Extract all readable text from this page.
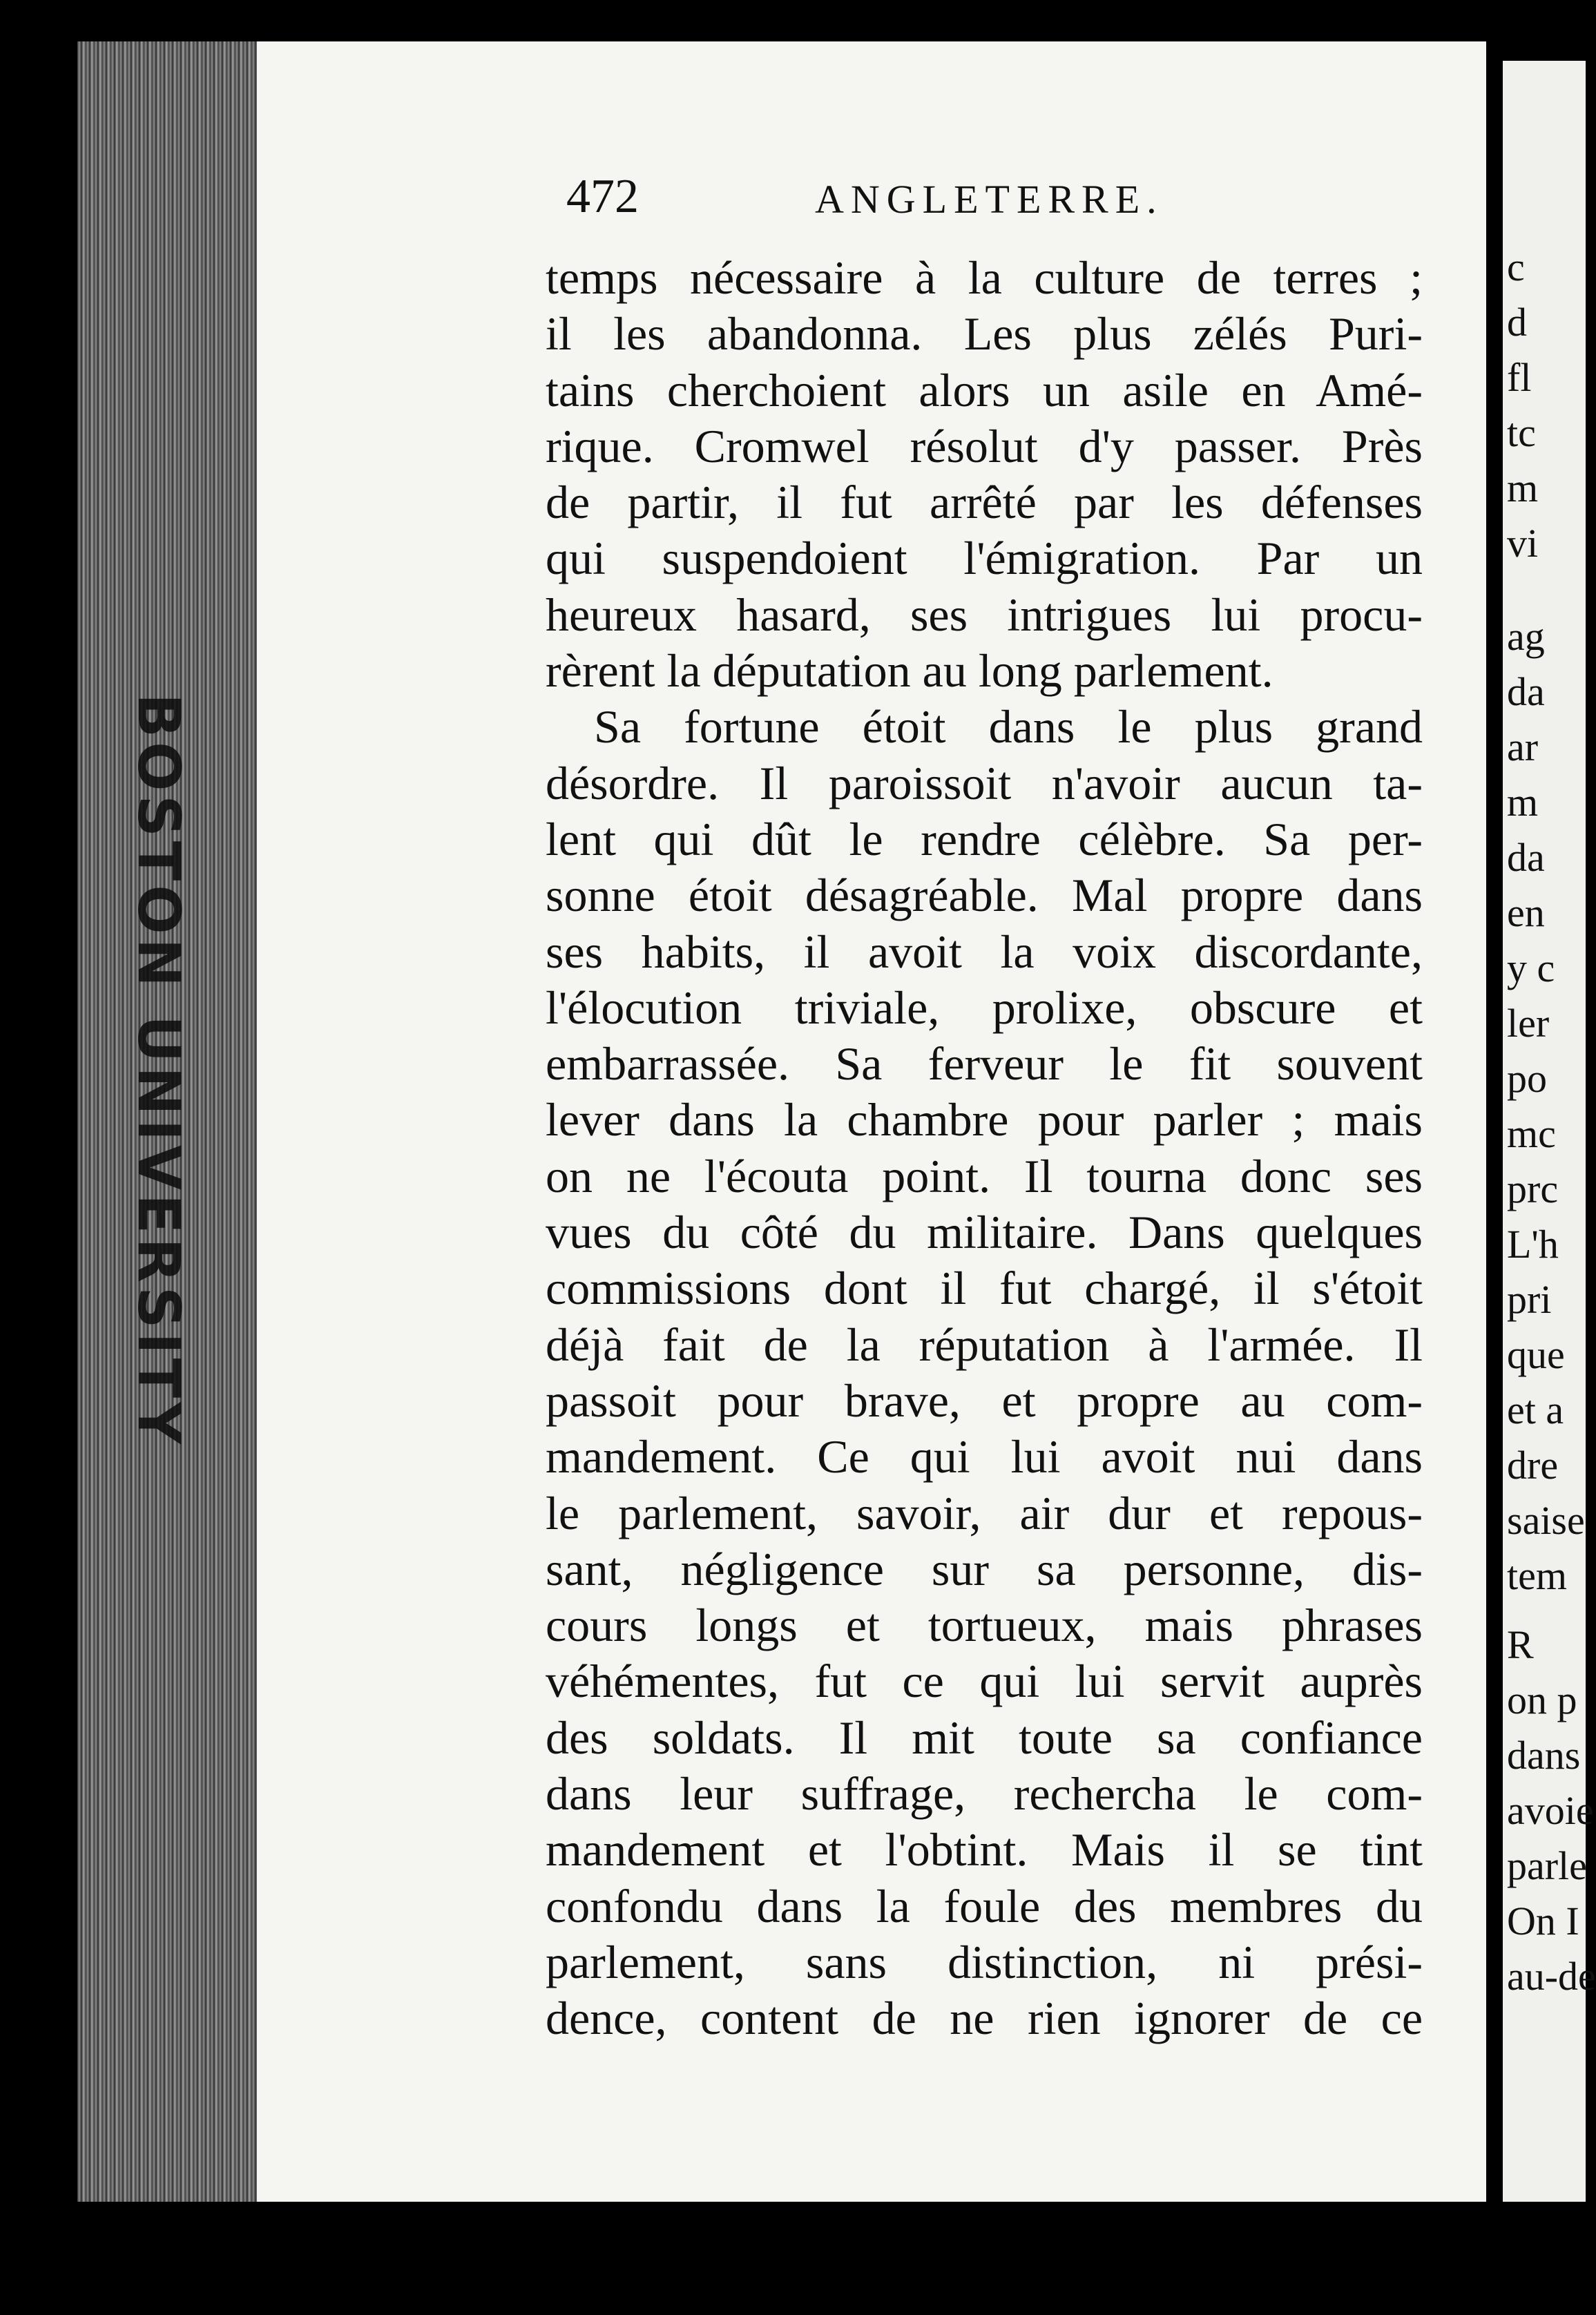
BOSTON UNIVERSITY
c
d
fl
tc
m
vi
ag
da
ar
m
da
en
y c
ler
po
mc
prc
L'h
pri
que
et a
dre
saise
tem
R
on p
dans
avoie
parle
On I
au-de
472	ANGLETERRE.
temps nécessaire à la culture de terres ;
il les abandonna. Les plus zélés Puri-
tains cherchoient alors un asile en Amé-
rique. Cromwel résolut d'y passer. Près
de partir, il fut arrêté par les défenses
qui suspendoient l'émigration. Par un
heureux hasard, ses intrigues lui procu-
rèrent la députation au long parlement.
Sa fortune étoit dans le plus grand
désordre. Il paroissoit n'avoir aucun ta-
lent qui dût le rendre célèbre. Sa per-
sonne étoit désagréable. Mal propre dans
ses habits, il avoit la voix discordante,
l'élocution triviale, prolixe, obscure et
embarrassée. Sa ferveur le fit souvent
lever dans la chambre pour parler ; mais
on ne l'écouta point. Il tourna donc ses
vues du côté du militaire. Dans quelques
commissions dont il fut chargé, il s'étoit
déjà fait de la réputation à l'armée. Il
passoit pour brave, et propre au com-
mandement. Ce qui lui avoit nui dans
le parlement, savoir, air dur et repous-
sant, négligence sur sa personne, dis-
cours longs et tortueux, mais phrases
véhémentes, fut ce qui lui servit auprès
des soldats. Il mit toute sa confiance
dans leur suffrage, rechercha le com-
mandement et l'obtint. Mais il se tint
confondu dans la foule des membres du
parlement, sans distinction, ni prési-
dence, content de ne rien ignorer de ce
